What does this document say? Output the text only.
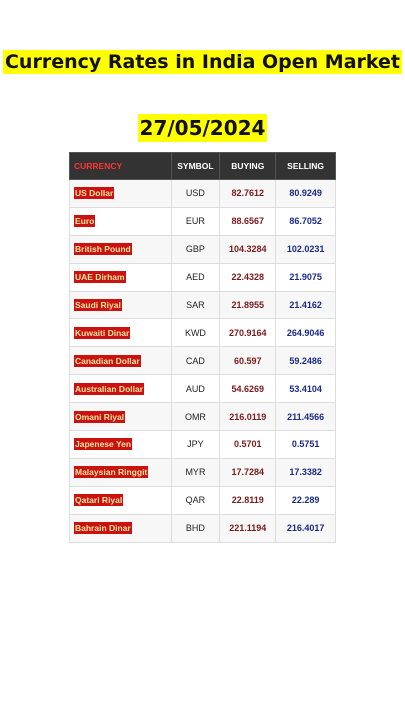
Currency Rates in India Open Market
27/05/2024
CURRENCY	SYMBOL	BUYING	SELLING
US Dollar	USD	82.7612	80.9249
Euro	EUR	88.6567	86.7052
British Pound	GBP	104.3284	102.0231
UAE Dirham	AED	22.4328	21.9075
Saudi Riyal	SAR	21.8955	21.4162
Kuwaiti Dinar	KWD	270.9164	264.9046
Canadian Dollar	CAD	60.597	59.2486
Australian Dollar	AUD	54.6269	53.4104
Omani Riyal	OMR	216.0119	211.4566
Japenese Yen	JPY	0.5701	0.5751
Malaysian Ringgit	MYR	17.7284	17.3382
Qatari Riyal	QAR	22.8119	22.289
Bahrain Dinar	BHD	221.1194	216.4017
